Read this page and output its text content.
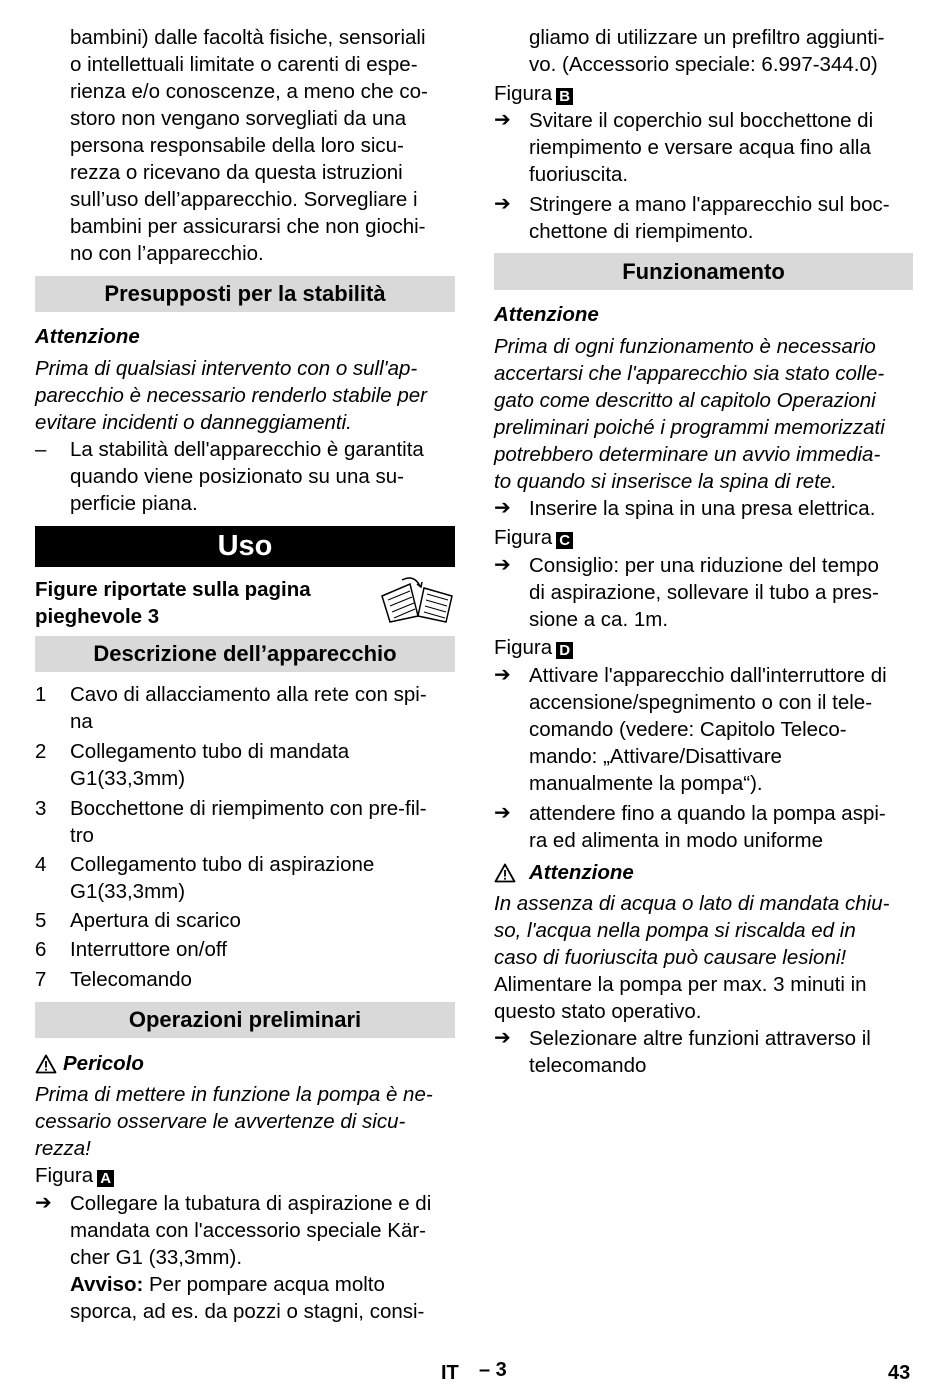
bambini) dalle facoltà fisiche, sensoriali
o intellettuali limitate o carenti di espe-
rienza e/o conoscenze, a meno che co-
storo non vengano sorvegliati da una
persona responsabile della loro sicu-
rezza o ricevano da questa istruzioni
sull’uso dell’apparecchio. Sorvegliare i
bambini per assicurarsi che non giochi-
no con l’apparecchio.
Presupposti per la stabilità
Attenzione
Prima di qualsiasi intervento con o sull'ap-
parecchio è necessario renderlo stabile per
evitare incidenti o danneggiamenti.
– La stabilità dell'apparecchio è garantita
quando viene posizionato su una su-
perficie piana.
Uso
Figure riportate sulla pagina
pieghevole 3
Descrizione dell’apparecchio
1 Cavo di allacciamento alla rete con spi-
na
2 Collegamento tubo di mandata
G1(33,3mm)
3 Bocchettone di riempimento con pre-fil-
tro
4 Collegamento tubo di aspirazione
G1(33,3mm)
5 Apertura di scarico
6 Interruttore on/off
7 Telecomando
Operazioni preliminari
Pericolo
Prima di mettere in funzione la pompa è ne-
cessario osservare le avvertenze di sicu-
rezza!
Figura A
➔ Collegare la tubatura di aspirazione e di
mandata con l'accessorio speciale Kär-
cher G1 (33,3mm).
Avviso: Per pompare acqua molto
sporca, ad es. da pozzi o stagni, consi-
gliamo di utilizzare un prefiltro aggiunti-
vo. (Accessorio speciale: 6.997-344.0)
Figura B
➔ Svitare il coperchio sul bocchettone di
riempimento e versare acqua fino alla
fuoriuscita.
➔ Stringere a mano l'apparecchio sul boc-
chettone di riempimento.
Funzionamento
Attenzione
Prima di ogni funzionamento è necessario
accertarsi che l'apparecchio sia stato colle-
gato come descritto al capitolo Operazioni
preliminari poiché i programmi memorizzati
potrebbero determinare un avvio immedia-
to quando si inserisce la spina di rete.
➔ Inserire la spina in una presa elettrica.
Figura C
➔ Consiglio: per una riduzione del tempo
di aspirazione, sollevare il tubo a pres-
sione a ca. 1m.
Figura D
➔ Attivare l'apparecchio dall'interruttore di
accensione/spegnimento o con il tele-
comando (vedere: Capitolo Teleco-
mando: „Attivare/Disattivare
manualmente la pompa“).
➔ attendere fino a quando la pompa aspi-
ra ed alimenta in modo uniforme
Attenzione
In assenza di acqua o lato di mandata chiu-
so, l'acqua nella pompa si riscalda ed in
caso di fuoriuscita può causare lesioni!
Alimentare la pompa per max. 3 minuti in
questo stato operativo.
➔ Selezionare altre funzioni attraverso il
telecomando
IT – 3	43
